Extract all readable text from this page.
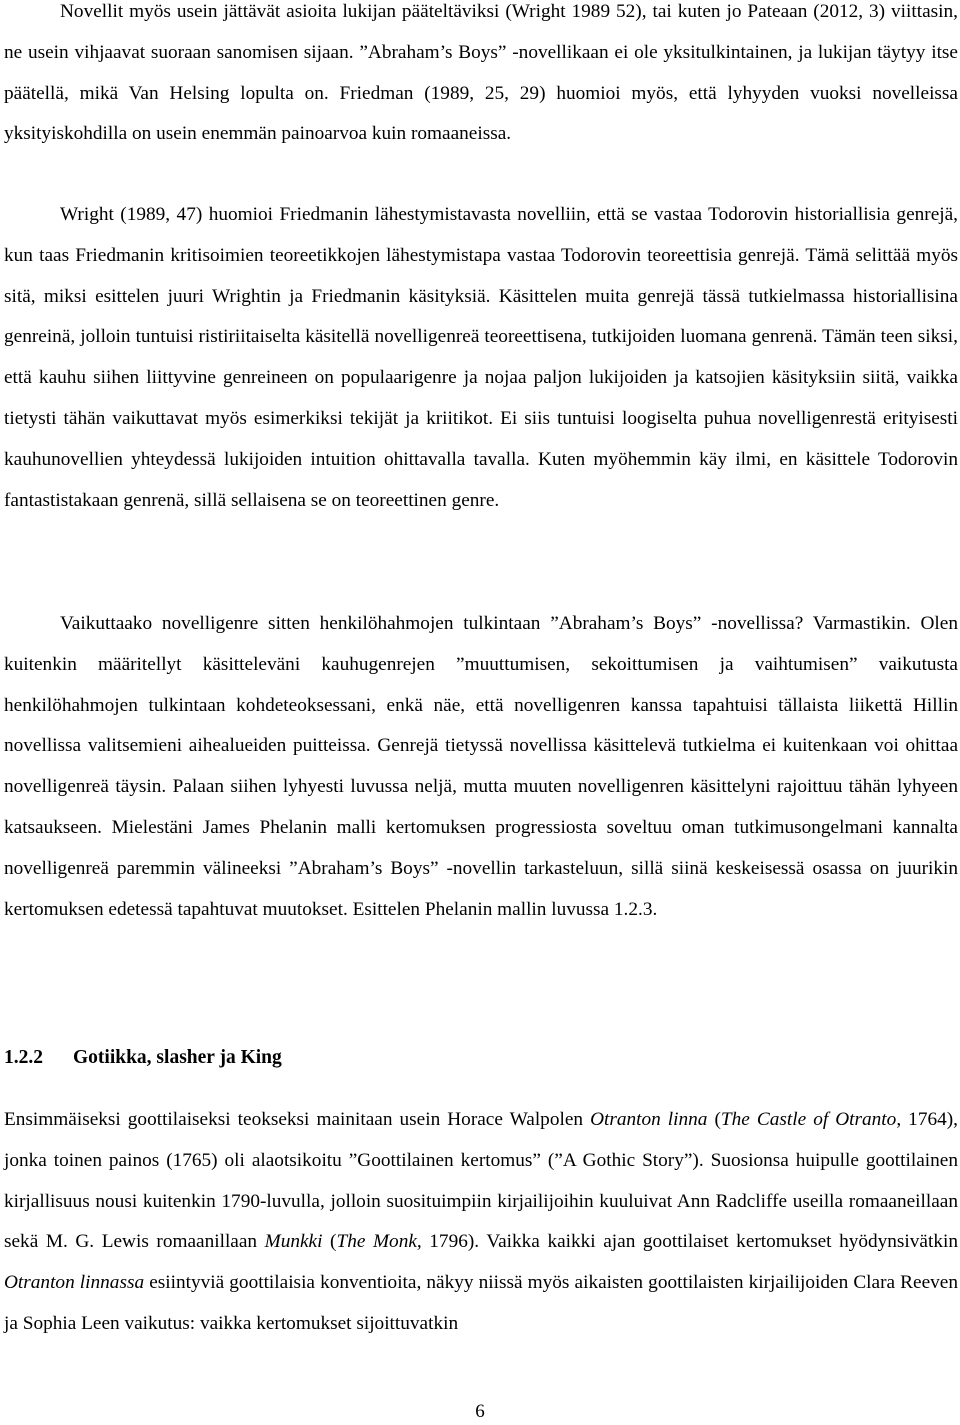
Novellit myös usein jättävät asioita lukijan pääteltäviksi (Wright 1989 52), tai kuten jo Pateaan (2012, 3) viittasin, ne usein vihjaavat suoraan sanomisen sijaan. ”Abraham’s Boys” -novellikaan ei ole yksitulkintainen, ja lukijan täytyy itse päätellä, mikä Van Helsing lopulta on. Friedman (1989, 25, 29) huomioi myös, että lyhyyden vuoksi novelleissa yksityiskohdilla on usein enemmän painoarvoa kuin romaaneissa.

Wright (1989, 47) huomioi Friedmanin lähestymistavasta novelliin, että se vastaa Todorovin historiallisia genrejä, kun taas Friedmanin kritisoimien teoreetikkojen lähestymistapa vastaa Todorovin teoreettisia genrejä. Tämä selittää myös sitä, miksi esittelen juuri Wrightin ja Friedmanin käsityksiä. Käsittelen muita genrejä tässä tutkielmassa historiallisina genreinä, jolloin tuntuisi ristiriitaiselta käsitellä novelligenreä teoreettisena, tutkijoiden luomana genrenä. Tämän teen siksi, että kauhu siihen liittyvine genreineen on populaarigenre ja nojaa paljon lukijoiden ja katsojien käsityksiin siitä, vaikka tietysti tähän vaikuttavat myös esimerkiksi tekijät ja kriitikot. Ei siis tuntuisi loogiselta puhua novelligenrestä erityisesti kauhunovellien yhteydessä lukijoiden intuition ohittavalla tavalla. Kuten myöhemmin käy ilmi, en käsittele Todorovin fantastistakaan genrenä, sillä sellaisena se on teoreettinen genre.

Vaikuttaako novelligenre sitten henkilöhahmojen tulkintaan ”Abraham’s Boys” -novellissa? Varmastikin. Olen kuitenkin määritellyt käsitteleväni kauhugenrejen ”muuttumisen, sekoittumisen ja vaihtumisen” vaikutusta henkilöhahmojen tulkintaan kohdeteoksessani, enkä näe, että novelligenren kanssa tapahtuisi tällaista liikettä Hillin novellissa valitsemieni aihealueiden puitteissa. Genrejä tietyssä novellissa käsittelevä tutkielma ei kuitenkaan voi ohittaa novelligenreä täysin. Palaan siihen lyhyesti luvussa neljä, mutta muuten novelligenren käsittelyni rajoittuu tähän lyhyeen katsaukseen. Mielestäni James Phelanin malli kertomuksen progressiosta soveltuu oman tutkimusongelmani kannalta novelligenreä paremmin välineeksi ”Abraham’s Boys” -novellin tarkasteluun, sillä siinä keskeisessä osassa on juurikin kertomuksen edetessä tapahtuvat muutokset. Esittelen Phelanin mallin luvussa 1.2.3.

1.2.2 Gotiikka, slasher ja King

Ensimmäiseksi goottilaiseksi teokseksi mainitaan usein Horace Walpolen Otranton linna (The Castle of Otranto, 1764), jonka toinen painos (1765) oli alaotsikoitu ”Goottilainen kertomus” (”A Gothic Story”). Suosionsa huipulle goottilainen kirjallisuus nousi kuitenkin 1790-luvulla, jolloin suosituimpiin kirjailijoihin kuuluivat Ann Radcliffe useilla romaaneillaan sekä M. G. Lewis romaanillaan Munkki (The Monk, 1796). Vaikka kaikki ajan goottilaiset kertomukset hyödynsivätkin Otranton linnassa esiintyviä goottilaisia konventioita, näkyy niissä myös aikaisten goottilaisten kirjailijoiden Clara Reeven ja Sophia Leen vaikutus: vaikka kertomukset sijoittuvatkin

6
